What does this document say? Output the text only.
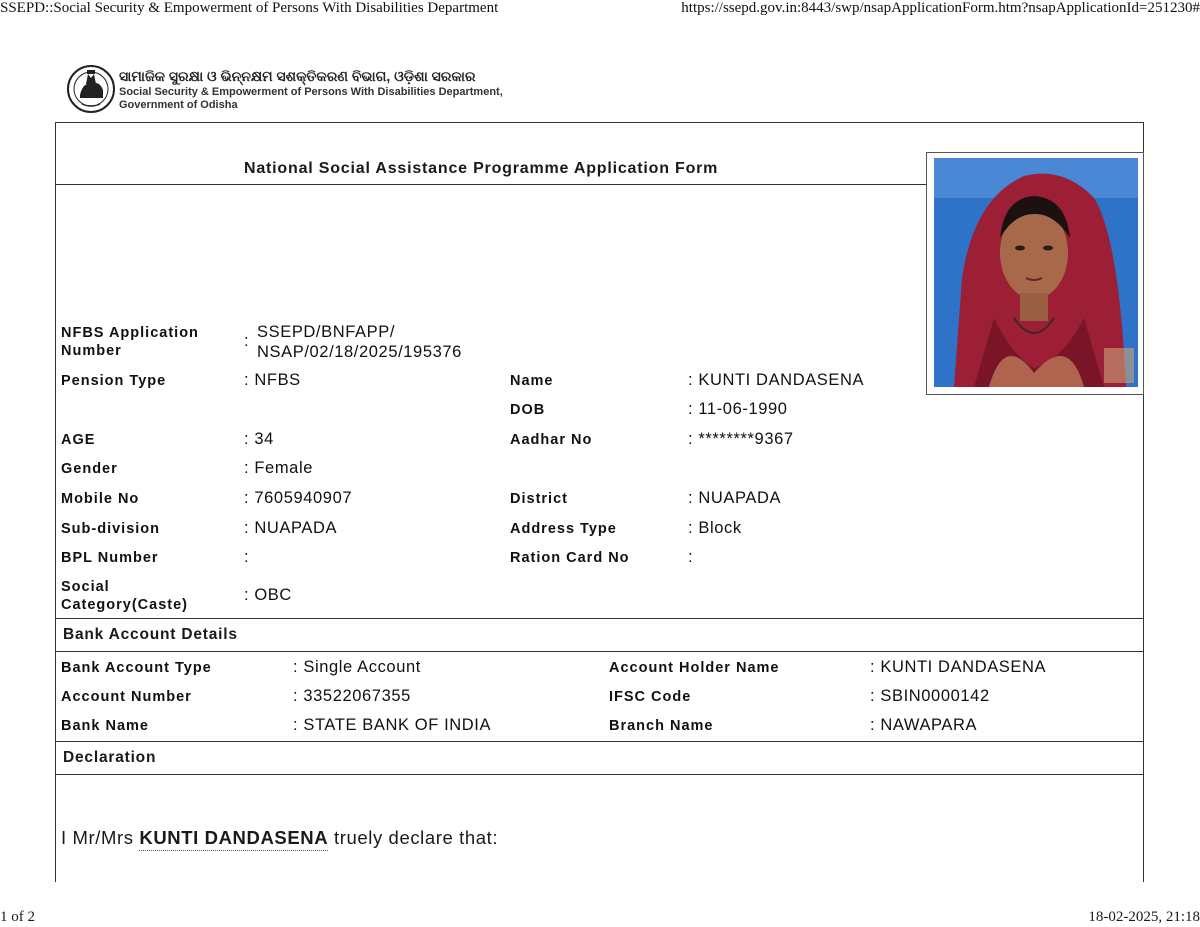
SSEPD::Social Security & Empowerment of Persons With Disabilities Department	https://ssepd.gov.in:8443/swp/nsapApplicationForm.htm?nsapApplicationId=251230#
1 of 2	18-02-2025, 21:18
ସାମାଜିକ ସୁରକ୍ଷା ଓ ଭିନ୍ନକ୍ଷମ ସଶକ୍ତିକରଣ ବିଭାଗ, ଓଡ଼ିଶା ସରକାର
Social Security & Empowerment of Persons With Disabilities Department,
Government of Odisha
National Social Assistance Programme Application Form
NFBS Application
Number
: SSEPD/BNFAPP/
NSAP/02/18/2025/195376
Pension Type	: NFBS	Name	: KUNTI DANDASENA
DOB	: 11-06-1990
AGE	: 34	Aadhar No	: ********9367
Gender	: Female
Mobile No	: 7605940907	District	: NUAPADA
Sub-division	: NUAPADA	Address Type	: Block
BPL Number	:	Ration Card No	:
Social
Category(Caste)
: OBC
Bank Account Details
Bank Account Type	: Single Account	Account Holder Name	: KUNTI DANDASENA
Account Number	: 33522067355	IFSC Code	: SBIN0000142
Bank Name	: STATE BANK OF INDIA	Branch Name	: NAWAPARA
Declaration
I Mr/Mrs KUNTI DANDASENA truely declare that:
